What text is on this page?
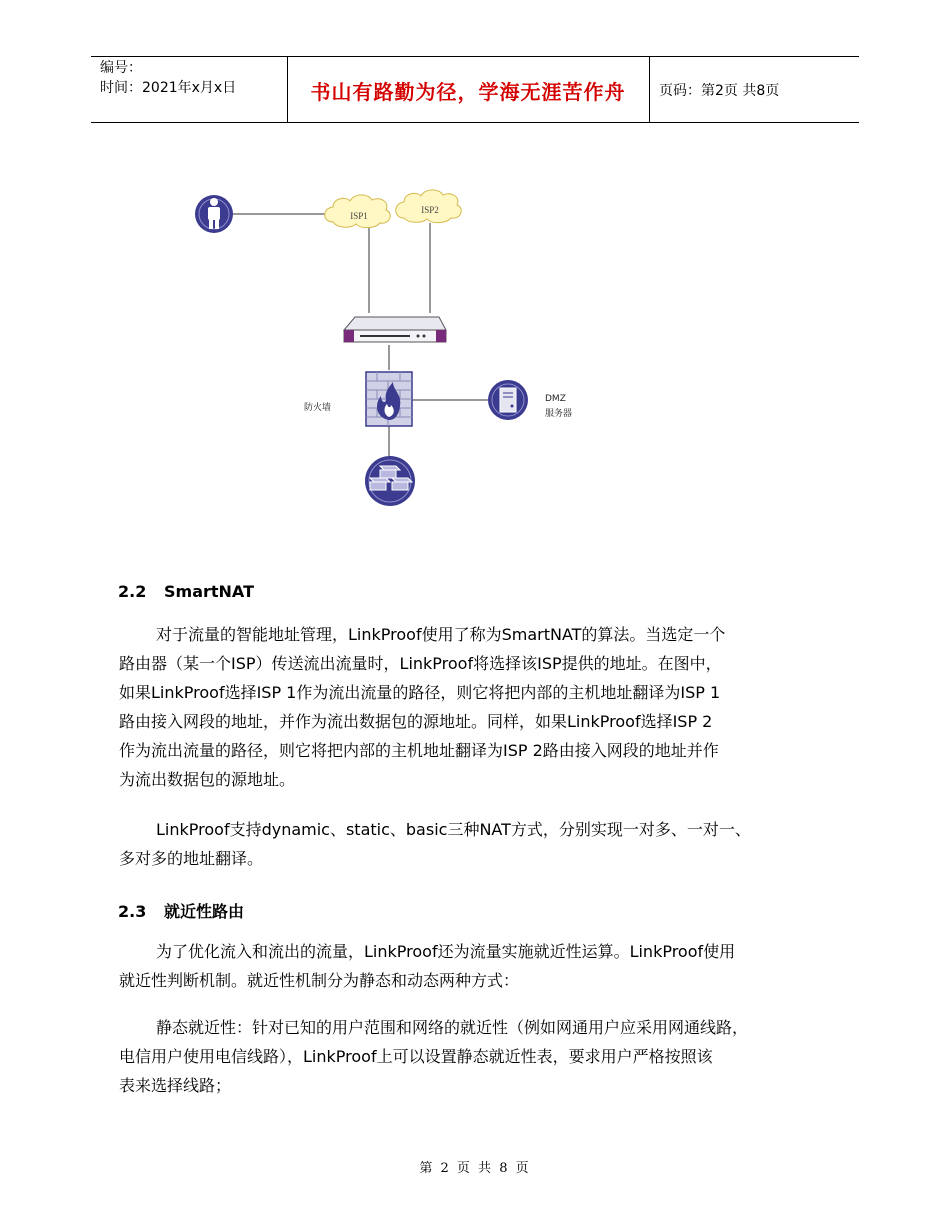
编号：
时间：2021年x月x日	书山有路勤为径，学海无涯苦作舟	页码：第2页 共8页
ISP1
ISP2
防火墙
DMZ
服务器
2.2 SmartNAT
对于流量的智能地址管理，LinkProof使用了称为SmartNAT的算法。当选定一个
路由器（某一个ISP）传送流出流量时，LinkProof将选择该ISP提供的地址。在图中，
如果LinkProof选择ISP 1作为流出流量的路径，则它将把内部的主机地址翻译为ISP 1
路由接入网段的地址，并作为流出数据包的源地址。同样，如果LinkProof选择ISP 2
作为流出流量的路径，则它将把内部的主机地址翻译为ISP 2路由接入网段的地址并作
为流出数据包的源地址。
LinkProof支持dynamic、static、basic三种NAT方式，分别实现一对多、一对一、
多对多的地址翻译。
2.3 就近性路由
为了优化流入和流出的流量，LinkProof还为流量实施就近性运算。LinkProof使用
就近性判断机制。就近性机制分为静态和动态两种方式：
静态就近性：针对已知的用户范围和网络的就近性（例如网通用户应采用网通线路，
电信用户使用电信线路），LinkProof上可以设置静态就近性表，要求用户严格按照该
表来选择线路；
第 2 页 共 8 页
